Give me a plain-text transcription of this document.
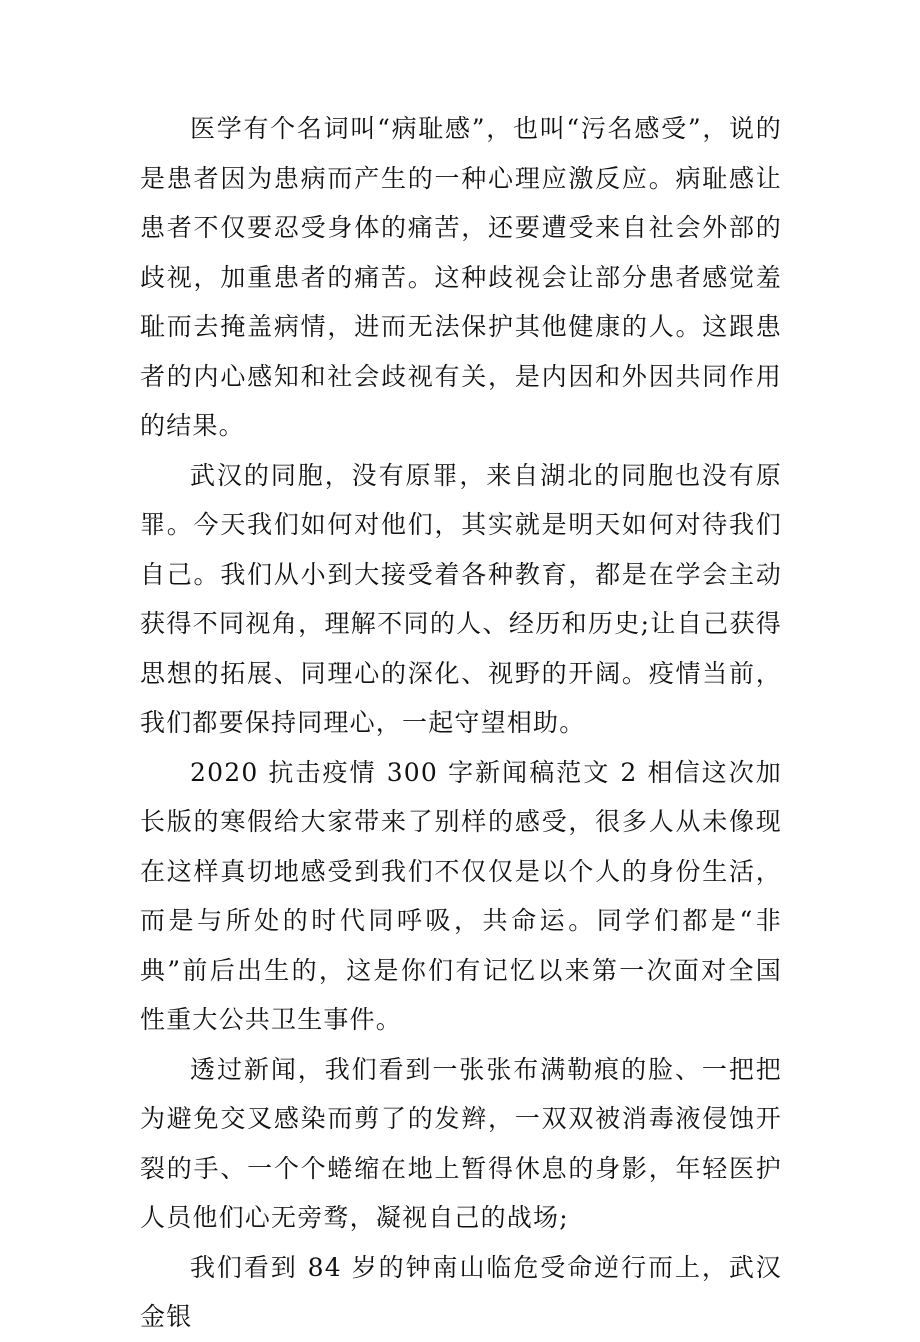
医学有个名词叫“病耻感”，也叫“污名感受”，说的是患者因为患病而产生的一种心理应激反应。病耻感让患者不仅要忍受身体的痛苦，还要遭受来自社会外部的歧视，加重患者的痛苦。这种歧视会让部分患者感觉羞耻而去掩盖病情，进而无法保护其他健康的人。这跟患者的内心感知和社会歧视有关，是内因和外因共同作用的结果。

武汉的同胞，没有原罪，来自湖北的同胞也没有原罪。今天我们如何对他们，其实就是明天如何对待我们自己。我们从小到大接受着各种教育，都是在学会主动获得不同视角，理解不同的人、经历和历史;让自己获得思想的拓展、同理心的深化、视野的开阔。疫情当前，我们都要保持同理心，一起守望相助。

2020 抗击疫情 300 字新闻稿范文 2 相信这次加长版的寒假给大家带来了别样的感受，很多人从未像现在这样真切地感受到我们不仅仅是以个人的身份生活，而是与所处的时代同呼吸，共命运。同学们都是“非典”前后出生的，这是你们有记忆以来第一次面对全国性重大公共卫生事件。

透过新闻，我们看到一张张布满勒痕的脸、一把把为避免交叉感染而剪了的发辫，一双双被消毒液侵蚀开裂的手、一个个蜷缩在地上暂得休息的身影，年轻医护人员他们心无旁骛，凝视自己的战场;

我们看到 84 岁的钟南山临危受命逆行而上，武汉金银
